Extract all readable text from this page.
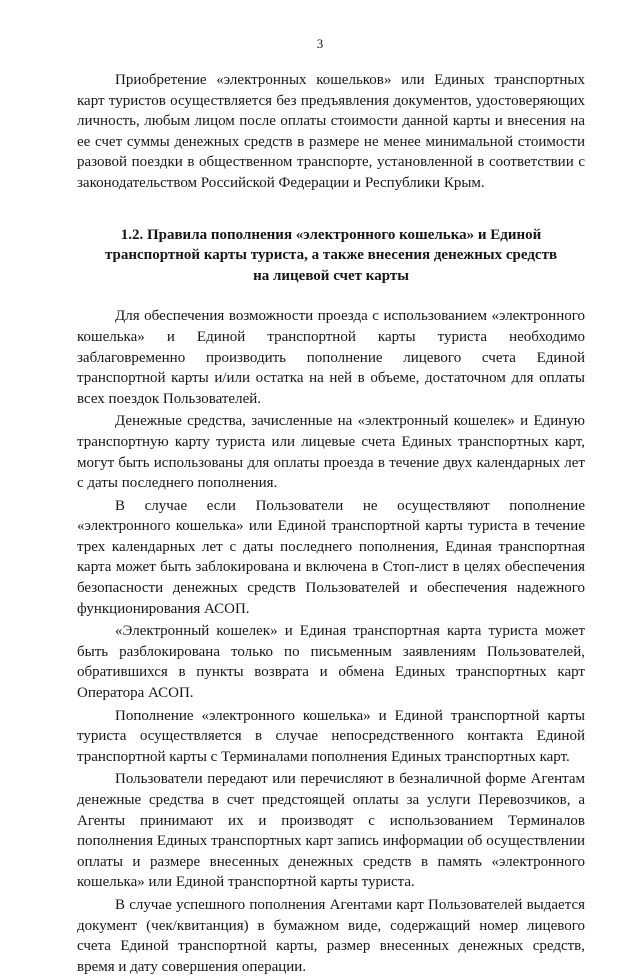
3

Приобретение «электронных кошельков» или Единых транспортных карт туристов осуществляется без предъявления документов, удостоверяющих личность, любым лицом после оплаты стоимости данной карты и внесения на ее счет суммы денежных средств в размере не менее минимальной стоимости разовой поездки в общественном транспорте, установленной в соответствии с законодательством Российской Федерации и Республики Крым.

1.2. Правила пополнения «электронного кошелька» и Единой
транспортной карты туриста, а также внесения денежных средств
на лицевой счет карты

Для обеспечения возможности проезда с использованием «электронного кошелька» и Единой транспортной карты туриста необходимо заблаговременно производить пополнение лицевого счета Единой транспортной карты и/или остатка на ней в объеме, достаточном для оплаты всех поездок Пользователей.

Денежные средства, зачисленные на «электронный кошелек» и Единую транспортную карту туриста или лицевые счета Единых транспортных карт, могут быть использованы для оплаты проезда в течение двух календарных лет с даты последнего пополнения.

В случае если Пользователи не осуществляют пополнение «электронного кошелька» или Единой транспортной карты туриста в течение трех календарных лет с даты последнего пополнения, Единая транспортная карта может быть заблокирована и включена в Стоп-лист в целях обеспечения безопасности денежных средств Пользователей и обеспечения надежного функционирования АСОП.

«Электронный кошелек» и Единая транспортная карта туриста может быть разблокирована только по письменным заявлениям Пользователей, обратившихся в пункты возврата и обмена Единых транспортных карт Оператора АСОП.

Пополнение «электронного кошелька» и Единой транспортной карты туриста осуществляется в случае непосредственного контакта Единой транспортной карты с Терминалами пополнения Единых транспортных карт.

Пользователи передают или перечисляют в безналичной форме Агентам денежные средства в счет предстоящей оплаты за услуги Перевозчиков, а Агенты принимают их и производят с использованием Терминалов пополнения Единых транспортных карт запись информации об осуществлении оплаты и размере внесенных денежных средств в память «электронного кошелька» или Единой транспортной карты туриста.

В случае успешного пополнения Агентами карт Пользователей выдается документ (чек/квитанция) в бумажном виде, содержащий номер лицевого счета Единой транспортной карты, размер внесенных денежных средств, время и дату совершения операции.
